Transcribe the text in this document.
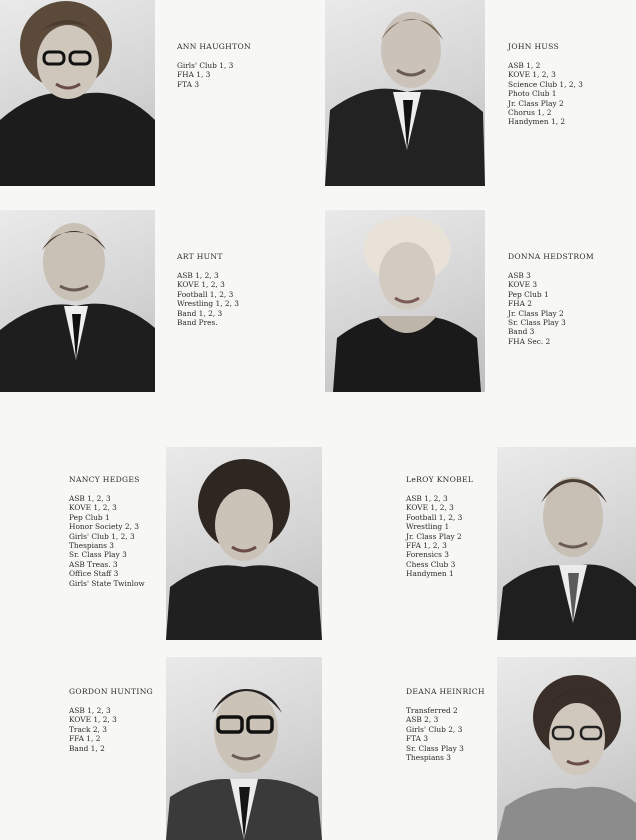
ANN HAUGHTON

Girls' Club 1, 3
FHA 1, 3
FTA 3

JOHN HUSS

ASB 1, 2
KOVE 1, 2, 3
Science Club 1, 2, 3
Photo Club 1
Jr. Class Play 2
Chorus 1, 2
Handymen 1, 2

ART HUNT

ASB 1, 2, 3
KOVE 1, 2, 3
Football 1, 2, 3
Wrestling 1, 2, 3
Band 1, 2, 3
Band Pres.

DONNA HEDSTROM

ASB 3
KOVE 3
Pep Club 1
FHA 2
Jr. Class Play 2
Sr. Class Play 3
Band 3
FHA Sec. 2

NANCY HEDGES

ASB 1, 2, 3
KOVE 1, 2, 3
Pep Club 1
Honor Society 2, 3
Girls' Club 1, 2, 3
Thespians 3
Sr. Class Play 3
ASB Treas. 3
Office Staff 3
Girls' State Twinlow

LeROY KNOBEL

ASB 1, 2, 3
KOVE 1, 2, 3
Football 1, 2, 3
Wrestling 1
Jr. Class Play 2
FFA 1, 2, 3
Forensics 3
Chess Club 3
Handymen 1

GORDON HUNTING

ASB 1, 2, 3
KOVE 1, 2, 3
Track 2, 3
FFA 1, 2
Band 1, 2

DEANA HEINRICH

Transferred 2
ASB 2, 3
Girls' Club 2, 3
FTA 3
Sr. Class Play 3
Thespians 3
